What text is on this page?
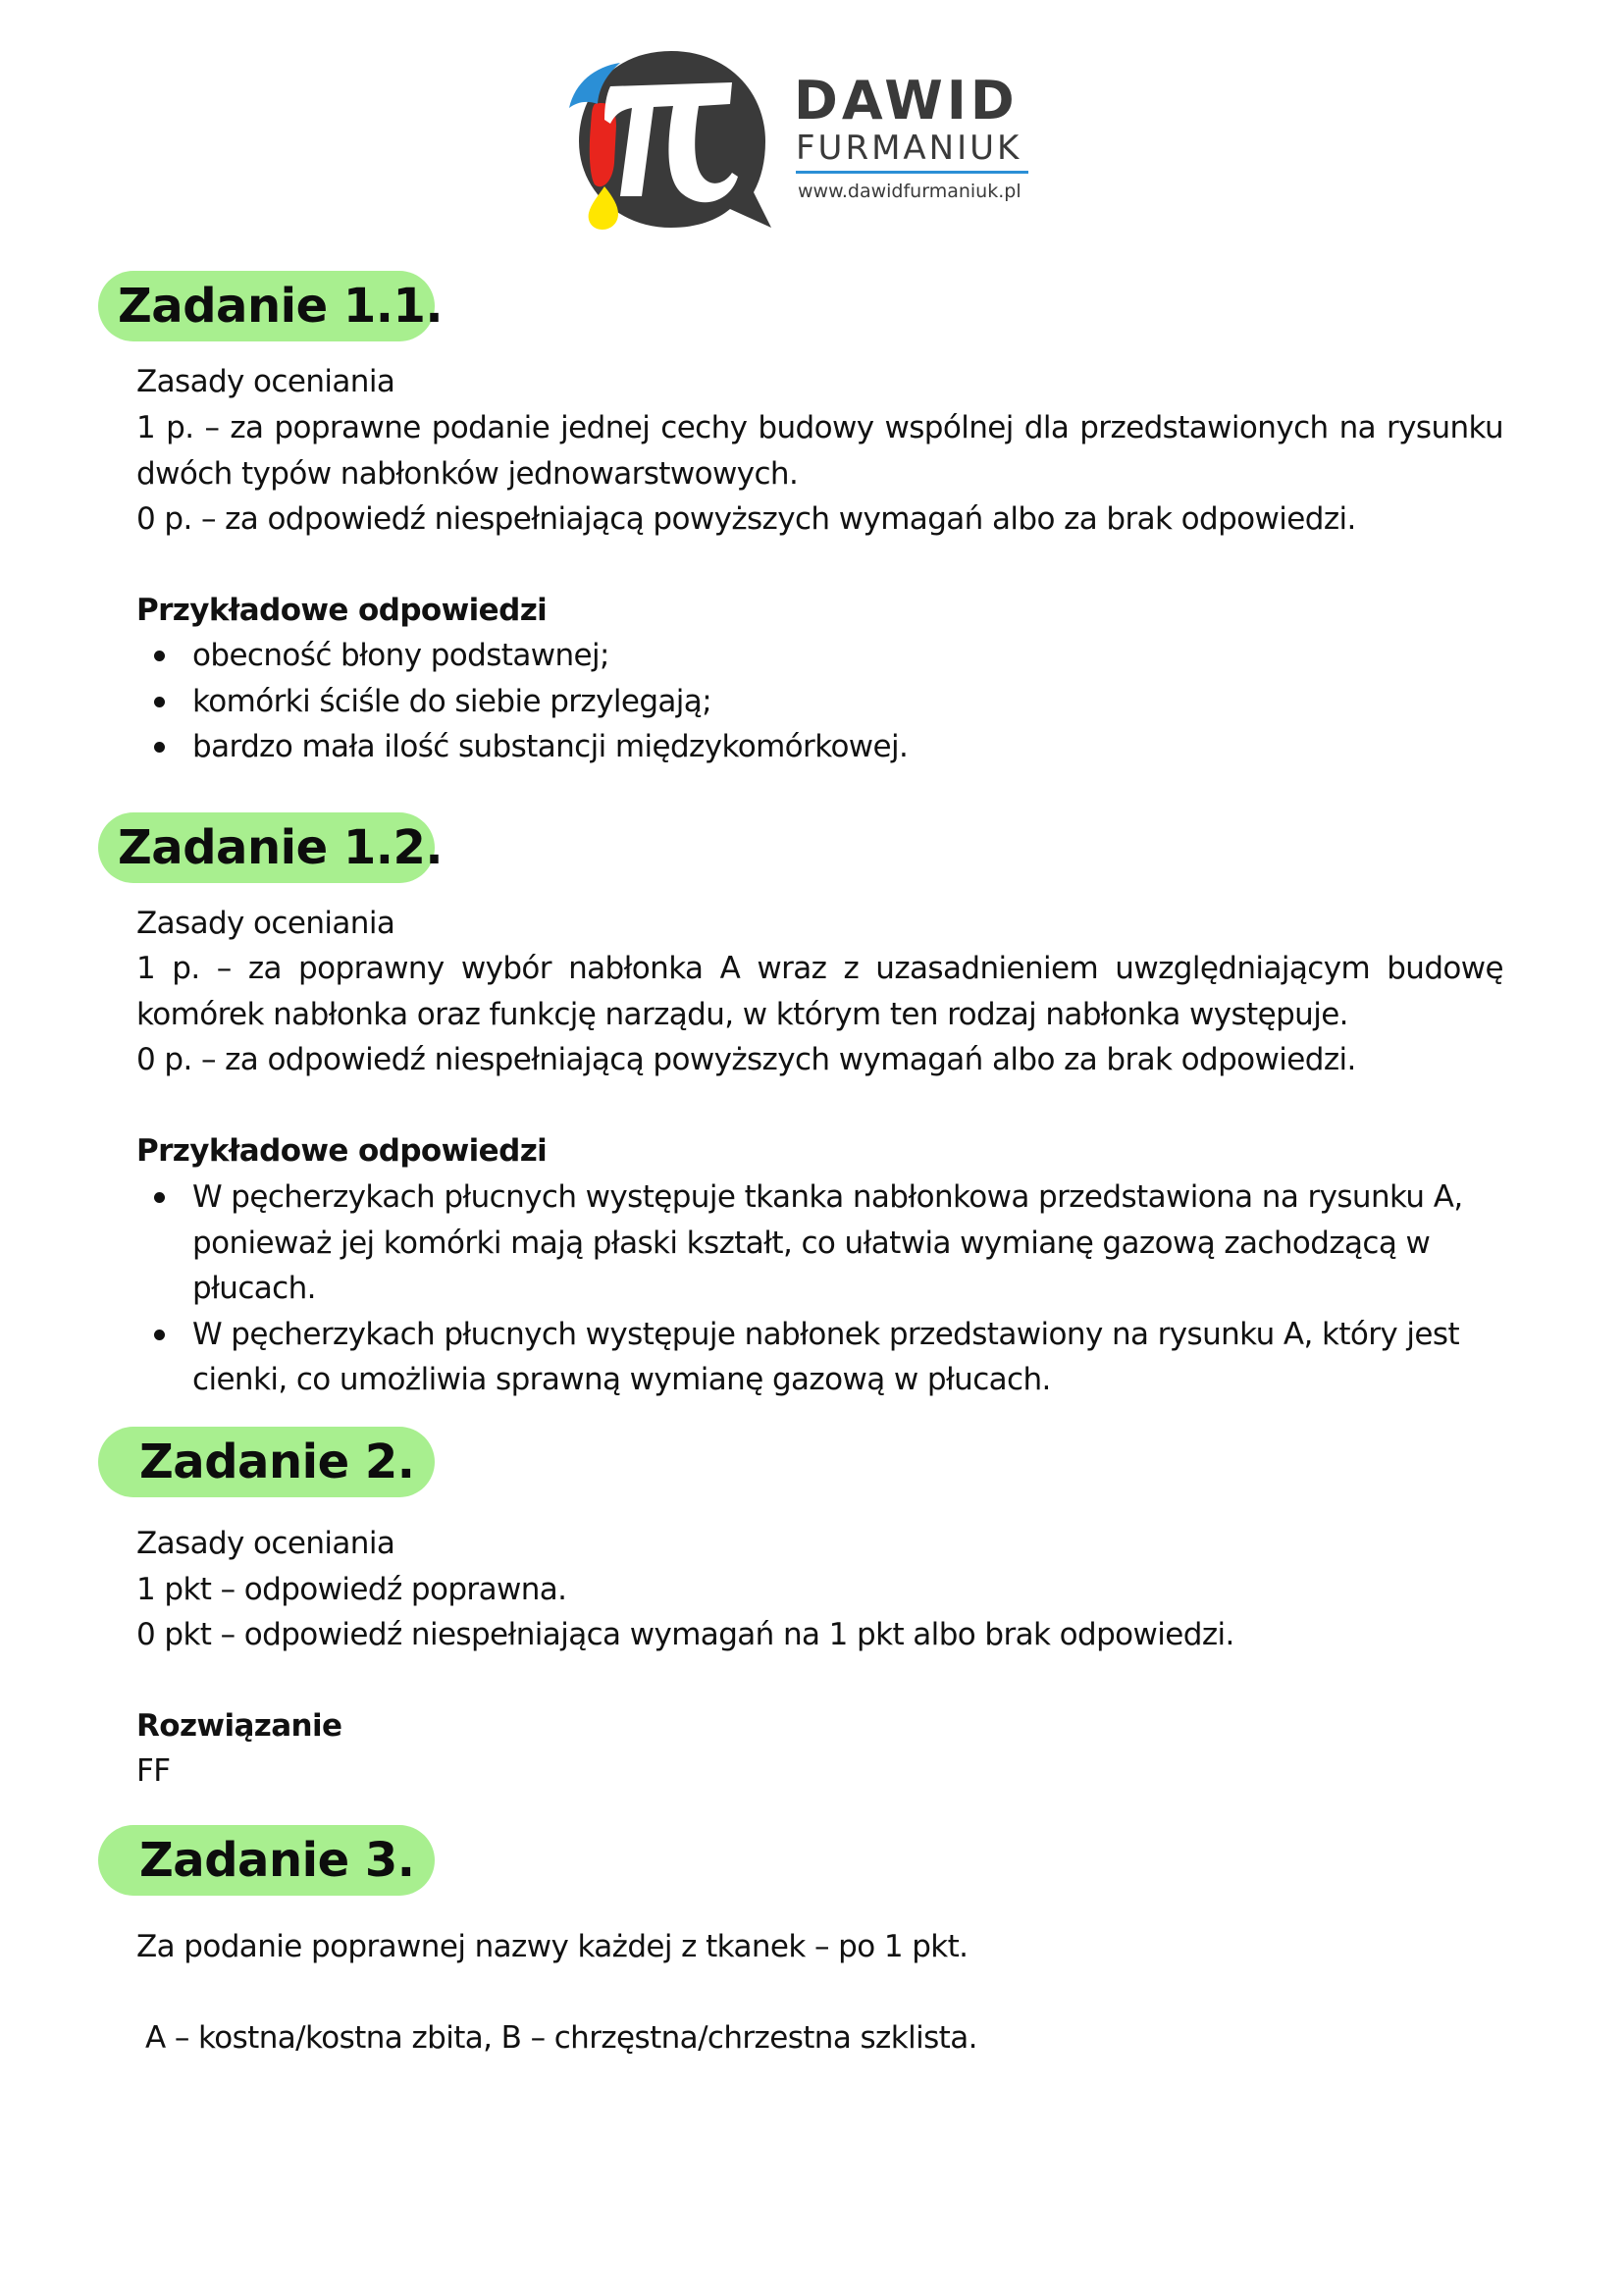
DAWID
FURMANIUK
www.dawidfurmaniuk.pl
Zadanie 1.1.
Zasady oceniania
1 p. – za poprawne podanie jednej cechy budowy wspólnej dla przedstawionych na rysunku dwóch typów nabłonków jednowarstwowych.
0 p. – za odpowiedź niespełniającą powyższych wymagań albo za brak odpowiedzi.
Przykładowe odpowiedzi
obecność błony podstawnej;
komórki ściśle do siebie przylegają;
bardzo mała ilość substancji międzykomórkowej.
Zadanie 1.2.
Zasady oceniania
1 p. – za poprawny wybór nabłonka A wraz z uzasadnieniem uwzględniającym budowę komórek nabłonka oraz funkcję narządu, w którym ten rodzaj nabłonka występuje.
0 p. – za odpowiedź niespełniającą powyższych wymagań albo za brak odpowiedzi.
Przykładowe odpowiedzi
W pęcherzykach płucnych występuje tkanka nabłonkowa przedstawiona na rysunku A, ponieważ jej komórki mają płaski kształt, co ułatwia wymianę gazową zachodzącą w płucach.
W pęcherzykach płucnych występuje nabłonek przedstawiony na rysunku A, który jest cienki, co umożliwia sprawną wymianę gazową w płucach.
Zadanie 2.
Zasady oceniania
1 pkt – odpowiedź poprawna.
0 pkt – odpowiedź niespełniająca wymagań na 1 pkt albo brak odpowiedzi.
Rozwiązanie
FF
Zadanie 3.
Za podanie poprawnej nazwy każdej z tkanek – po 1 pkt.
A – kostna/kostna zbita, B – chrzęstna/chrzestna szklista.
